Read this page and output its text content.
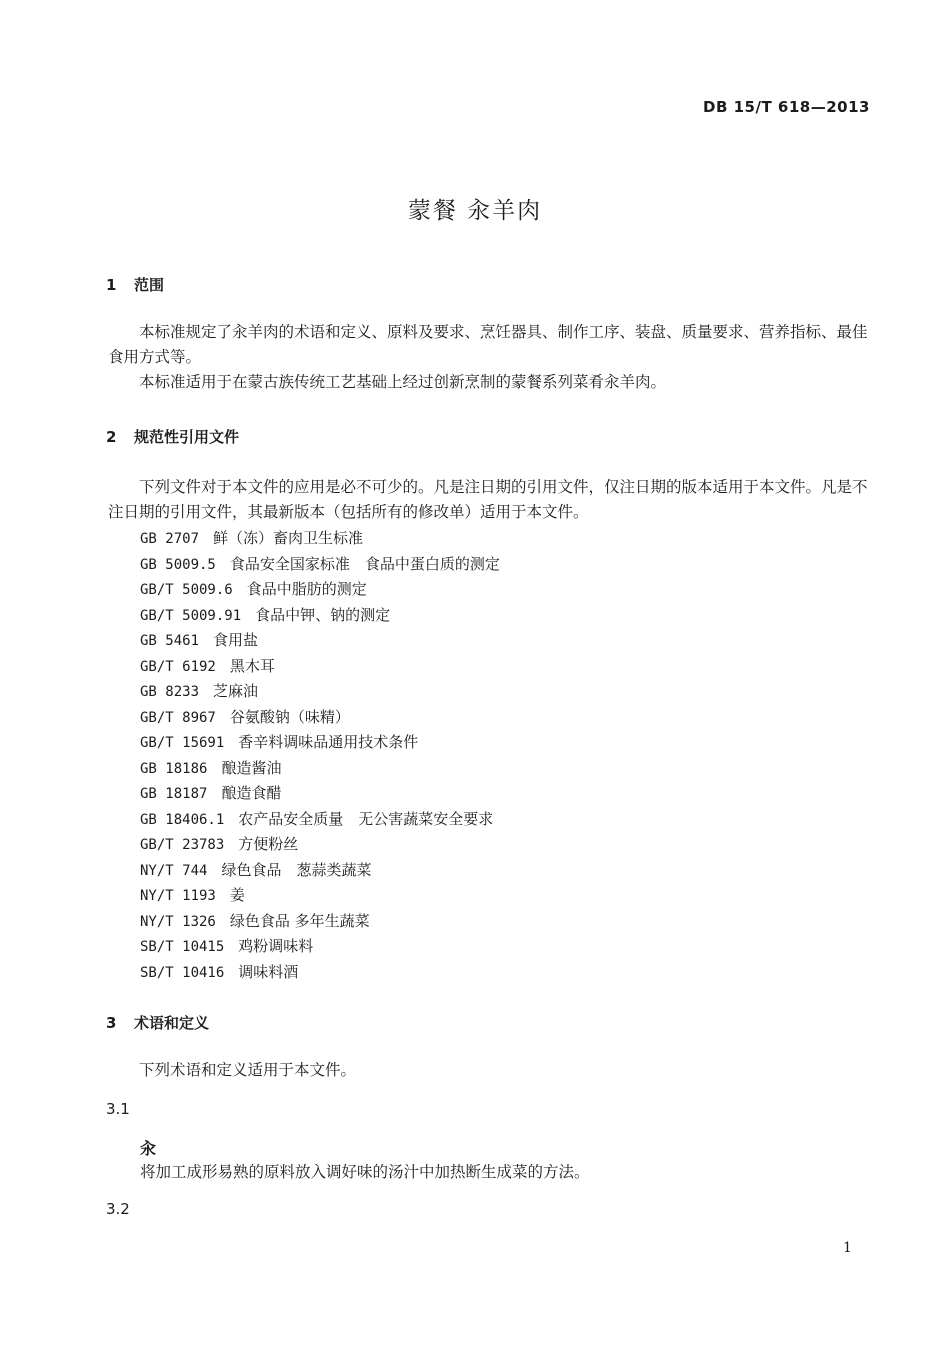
DB 15/T 618—2013
蒙餐 汆羊肉
1 范围

本标准规定了汆羊肉的术语和定义、原料及要求、烹饪器具、制作工序、装盘、质量要求、营养指标、最佳食用方式等。

本标准适用于在蒙古族传统工艺基础上经过创新烹制的蒙餐系列菜肴汆羊肉。

2 规范性引用文件

下列文件对于本文件的应用是必不可少的。凡是注日期的引用文件，仅注日期的版本适用于本文件。凡是不注日期的引用文件，其最新版本（包括所有的修改单）适用于本文件。

GB 2707 鲜（冻）畜肉卫生标准
GB 5009.5 食品安全国家标准　食品中蛋白质的测定
GB/T 5009.6 食品中脂肪的测定
GB/T 5009.91 食品中钾、钠的测定
GB 5461 食用盐
GB/T 6192 黑木耳
GB 8233 芝麻油
GB/T 8967 谷氨酸钠（味精）
GB/T 15691 香辛料调味品通用技术条件
GB 18186 酿造酱油
GB 18187 酿造食醋
GB 18406.1 农产品安全质量　无公害蔬菜安全要求
GB/T 23783 方便粉丝
NY/T 744 绿色食品　葱蒜类蔬菜
NY/T 1193 姜
NY/T 1326 绿色食品 多年生蔬菜
SB/T 10415 鸡粉调味料
SB/T 10416 调味料酒
3 术语和定义

下列术语和定义适用于本文件。

3.1
汆

将加工成形易熟的原料放入调好味的汤汁中加热断生成菜的方法。

3.2
1
